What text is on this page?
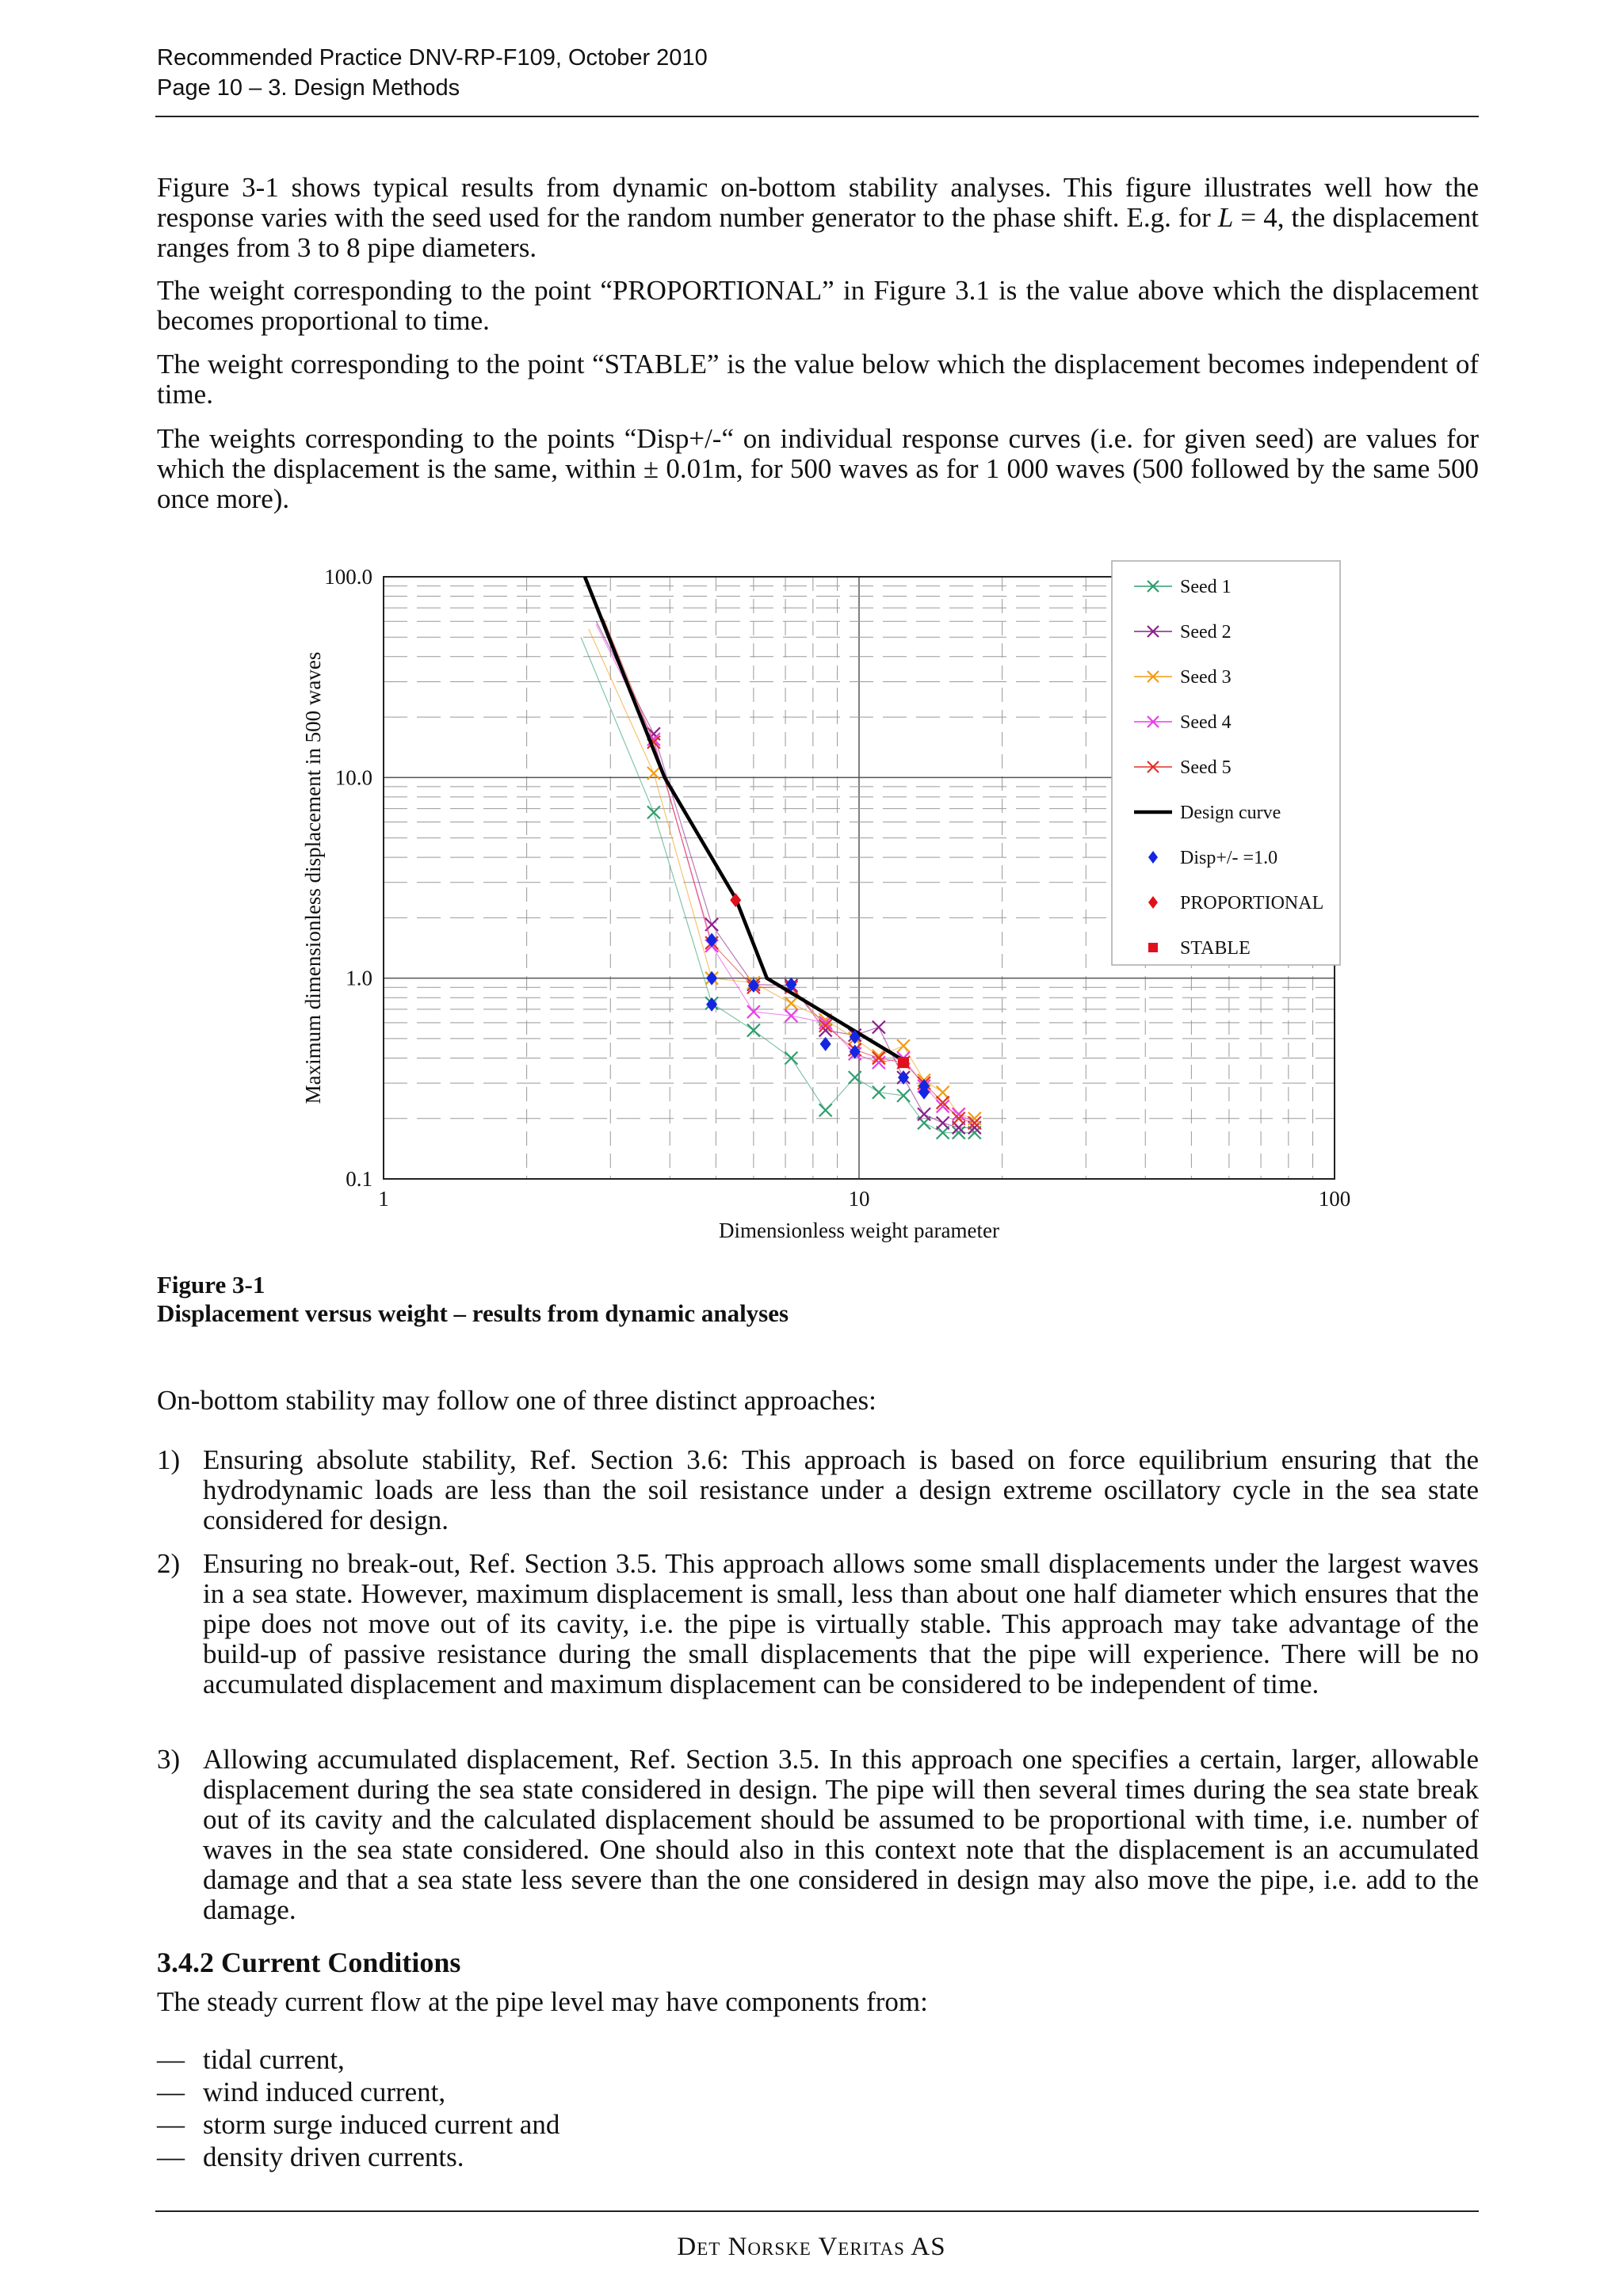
Recommended Practice DNV-RP-F109, October 2010
Page 10 – 3. Design Methods

Figure 3-1 shows typical results from dynamic on-bottom stability analyses. This figure illustrates well how the response varies with the seed used for the random number generator to the phase shift. E.g. for L = 4, the displacement ranges from 3 to 8 pipe diameters.

The weight corresponding to the point “PROPORTIONAL” in Figure 3.1 is the value above which the displacement becomes proportional to time.

The weight corresponding to the point “STABLE” is the value below which the displacement becomes independent of time.

The weights corresponding to the points “Disp+/-“ on individual response curves (i.e. for given seed) are values for which the displacement is the same, within ± 0.01m, for 500 waves as for 1 000 waves (500 followed by the same 500 once more).

Dimensionless weight parameter
Maximum dimensionless displacement in 500 waves
1	10	100
0.1
1.0
10.0
100.0	Seed 1
Seed 2
Seed 3
Seed 4
Seed 5
Design curve
Disp+/- =1.0
PROPORTIONAL
STABLE
Figure 3-1
Displacement versus weight – results from dynamic analyses

On-bottom stability may follow one of three distinct approaches:

1) Ensuring absolute stability, Ref. Section 3.6: This approach is based on force equilibrium ensuring that the hydrodynamic loads are less than the soil resistance under a design extreme oscillatory cycle in the sea state considered for design.
2) Ensuring no break-out, Ref. Section 3.5. This approach allows some small displacements under the largest waves in a sea state. However, maximum displacement is small, less than about one half diameter which ensures that the pipe does not move out of its cavity, i.e. the pipe is virtually stable. This approach may take advantage of the build-up of passive resistance during the small displacements that the pipe will experience. There will be no accumulated displacement and maximum displacement can be considered to be independent of time.
3) Allowing accumulated displacement, Ref. Section 3.5. In this approach one specifies a certain, larger, allowable displacement during the sea state considered in design. The pipe will then several times during the sea state break out of its cavity and the calculated displacement should be assumed to be proportional with time, i.e. number of waves in the sea state considered. One should also in this context note that the displacement is an accumulated damage and that a sea state less severe than the one considered in design may also move the pipe, i.e. add to the damage.
3.4.2 Current Conditions

The steady current flow at the pipe level may have components from:

— tidal current,
— wind induced current,
— storm surge induced current and
— density driven currents.
Det Norske Veritas AS
